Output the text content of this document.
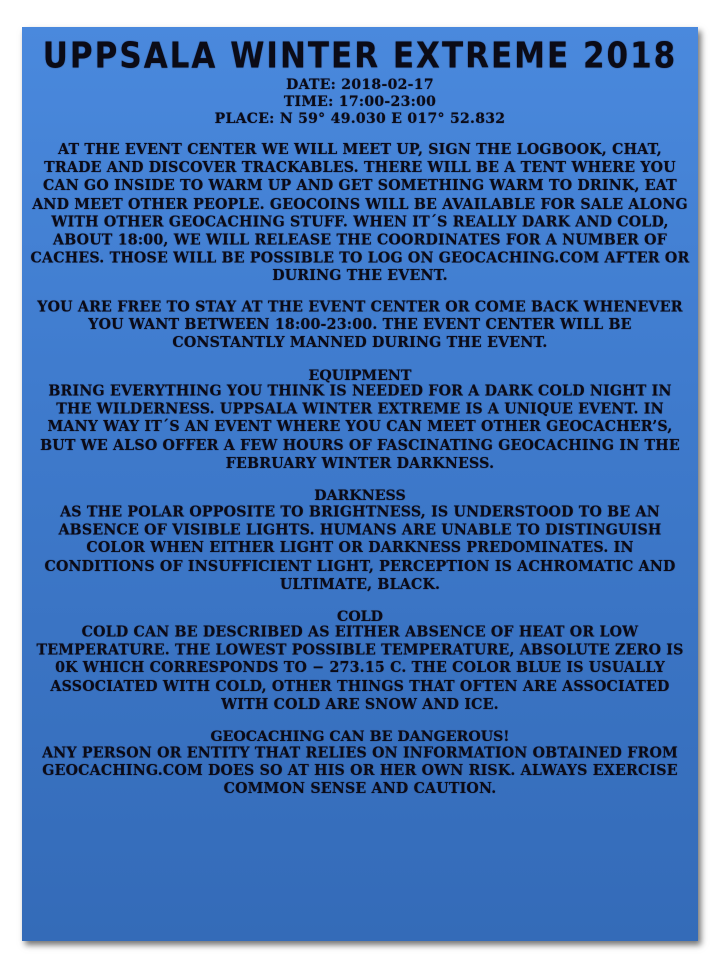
UPPSALA WINTER EXTREME 2018

DATE: 2018-02-17

TIME: 17:00-23:00

PLACE: N 59° 49.030 E 017° 52.832

AT THE EVENT CENTER WE WILL MEET UP, SIGN THE LOGBOOK, CHAT, TRADE AND DISCOVER TRACKABLES. THERE WILL BE A TENT WHERE YOU CAN GO INSIDE TO WARM UP AND GET SOMETHING WARM TO DRINK, EAT AND MEET OTHER PEOPLE. GEOCOINS WILL BE AVAILABLE FOR SALE ALONG WITH OTHER GEOCACHING STUFF. WHEN IT´S REALLY DARK AND COLD, ABOUT 18:00, WE WILL RELEASE THE COORDINATES FOR A NUMBER OF CACHES. THOSE WILL BE POSSIBLE TO LOG ON GEOCACHING.COM AFTER OR DURING THE EVENT.

YOU ARE FREE TO STAY AT THE EVENT CENTER OR COME BACK WHENEVER YOU WANT BETWEEN 18:00-23:00. THE EVENT CENTER WILL BE CONSTANTLY MANNED DURING THE EVENT.

EQUIPMENT

BRING EVERYTHING YOU THINK IS NEEDED FOR A DARK COLD NIGHT IN THE WILDERNESS. UPPSALA WINTER EXTREME IS A UNIQUE EVENT. IN MANY WAY IT´S AN EVENT WHERE YOU CAN MEET OTHER GEOCACHER’S, BUT WE ALSO OFFER A FEW HOURS OF FASCINATING GEOCACHING IN THE FEBRUARY WINTER DARKNESS.

DARKNESS

AS THE POLAR OPPOSITE TO BRIGHTNESS, IS UNDERSTOOD TO BE AN ABSENCE OF VISIBLE LIGHTS. HUMANS ARE UNABLE TO DISTINGUISH COLOR WHEN EITHER LIGHT OR DARKNESS PREDOMINATES. IN CONDITIONS OF INSUFFICIENT LIGHT, PERCEPTION IS ACHROMATIC AND ULTIMATE, BLACK.

COLD

COLD CAN BE DESCRIBED AS EITHER ABSENCE OF HEAT OR LOW TEMPERATURE. THE LOWEST POSSIBLE TEMPERATURE, ABSOLUTE ZERO IS 0K WHICH CORRESPONDS TO − 273.15 C. THE COLOR BLUE IS USUALLY ASSOCIATED WITH COLD, OTHER THINGS THAT OFTEN ARE ASSOCIATED WITH COLD ARE SNOW AND ICE.

GEOCACHING CAN BE DANGEROUS!

ANY PERSON OR ENTITY THAT RELIES ON INFORMATION OBTAINED FROM GEOCACHING.COM DOES SO AT HIS OR HER OWN RISK. ALWAYS EXERCISE COMMON SENSE AND CAUTION.
